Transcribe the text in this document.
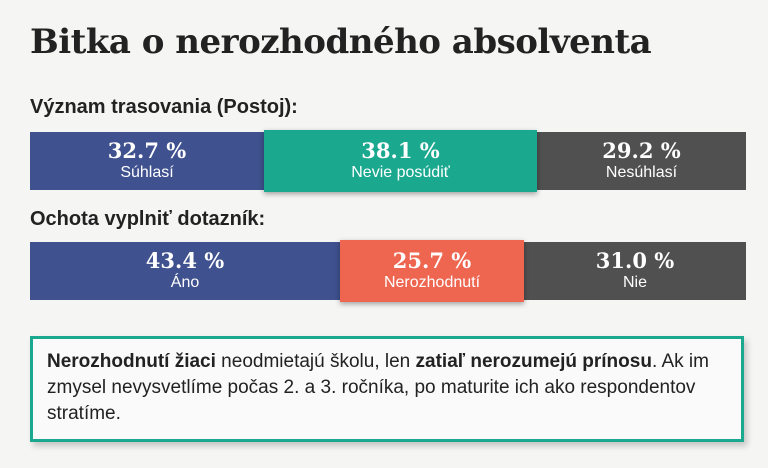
Bitka o nerozhodného absolventa
Význam trasovania (Postoj):
32.7 %
Súhlasí
38.1 %
Nevie posúdiť
29.2 %
Nesúhlasí
Ochota vyplniť dotazník:
43.4 %
Áno
25.7 %
Nerozhodnutí
31.0 %
Nie
Nerozhodnutí žiaci neodmietajú školu, len zatiaľ nerozumejú prínosu. Ak im zmysel nevysvetlíme počas 2. a 3. ročníka, po maturite ich ako respondentov stratíme.
